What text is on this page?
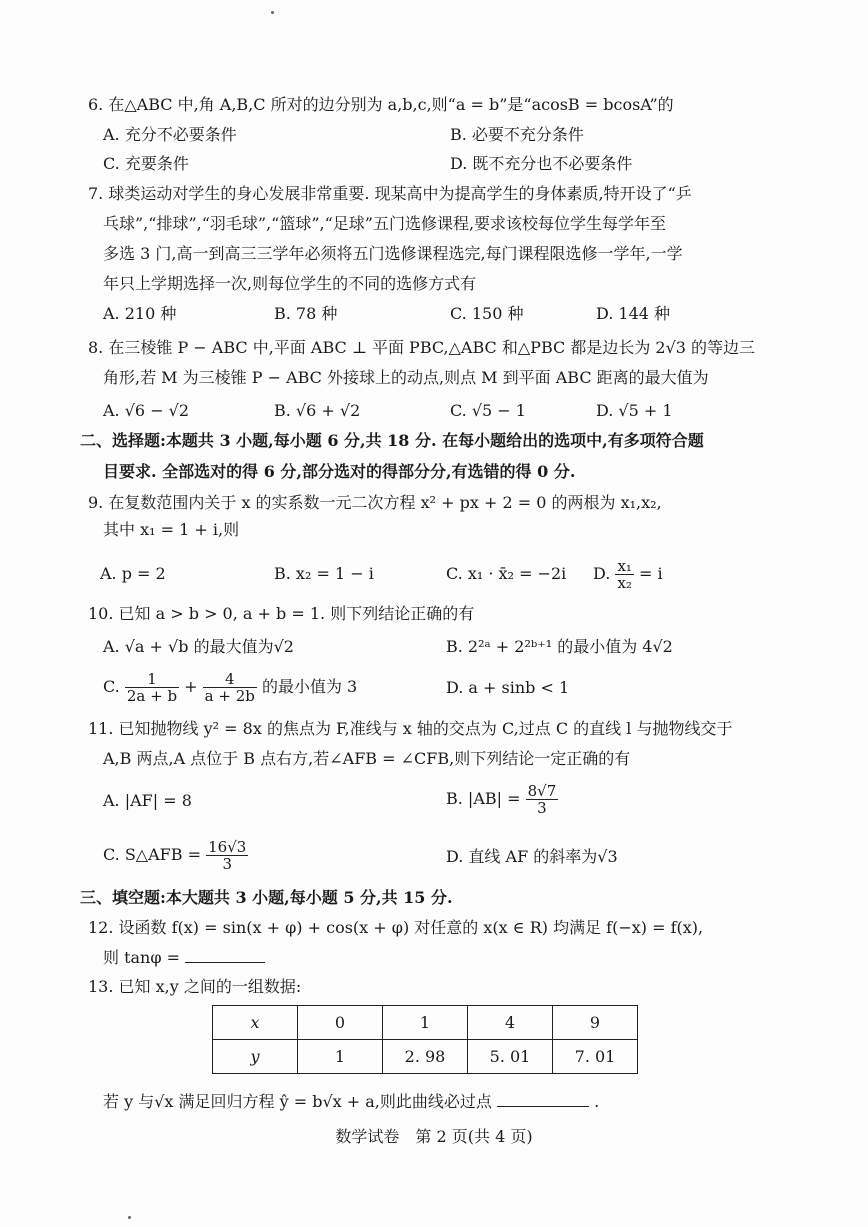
6. 在△ABC 中,角 A,B,C 所对的边分别为 a,b,c,则“a = b”是“acosB = bcosA”的
A. 充分不必要条件	B. 必要不充分条件
C. 充要条件	D. 既不充分也不必要条件
7. 球类运动对学生的身心发展非常重要. 现某高中为提高学生的身体素质,特开设了“乒
乓球”,“排球”,“羽毛球”,“篮球”,“足球”五门选修课程,要求该校每位学生每学年至
多选 3 门,高一到高三三学年必须将五门选修课程选完,每门课程限选修一学年,一学
年只上学期选择一次,则每位学生的不同的选修方式有
A. 210 种	B. 78 种	C. 150 种	D. 144 种
8. 在三棱锥 P − ABC 中,平面 ABC ⊥ 平面 PBC,△ABC 和△PBC 都是边长为 2√3 的等边三
角形,若 M 为三棱锥 P − ABC 外接球上的动点,则点 M 到平面 ABC 距离的最大值为
A. √6 − √2	B. √6 + √2	C. √5 − 1	D. √5 + 1
二、选择题:本题共 3 小题,每小题 6 分,共 18 分. 在每小题给出的选项中,有多项符合题
目要求. 全部选对的得 6 分,部分选对的得部分分,有选错的得 0 分.
9. 在复数范围内关于 x 的实系数一元二次方程 x² + px + 2 = 0 的两根为 x₁,x₂,
其中 x₁ = 1 + i,则
A. p = 2	B. x₂ = 1 − i	C. x₁ · x̄₂ = −2i D. $\frac{\text{x₁}}{\text{x₂}} = i$
10. 已知 a > b > 0, a + b = 1. 则下列结论正确的有
A. √a + √b 的最大值为√2	B. 2²ᵃ + 2²ᵇ⁺¹ 的最小值为 4√2
C. $\frac{1}{2a + b} + \frac{4}{a + 2b}$ 的最小值为 3	D. a + sinb < 1
11. 已知抛物线 y² = 8x 的焦点为 F,准线与 x 轴的交点为 C,过点 C 的直线 l 与抛物线交于
A,B 两点,A 点位于 B 点右方,若∠AFB = ∠CFB,则下列结论一定正确的有
A. |AF| = 8	B. $|AB| = \frac{8√7}{3}$
C. S△AFB = $\frac{16√3}{3}$	D. 直线 AF 的斜率为√3
三、填空题:本大题共 3 小题,每小题 5 分,共 15 分.
12. 设函数 f(x) = sin(x + φ) + cos(x + φ) 对任意的 x(x ∈ R) 均满足 f(−x) = f(x),
则 tanφ =
13. 已知 x,y 之间的一组数据:
x	0	1	4	9
y	1	2. 98	5. 01	7. 01
若 y 与√x 满足回归方程 ŷ = b√x + a,则此曲线必过点	.
数学试卷　第 2 页(共 4 页)
